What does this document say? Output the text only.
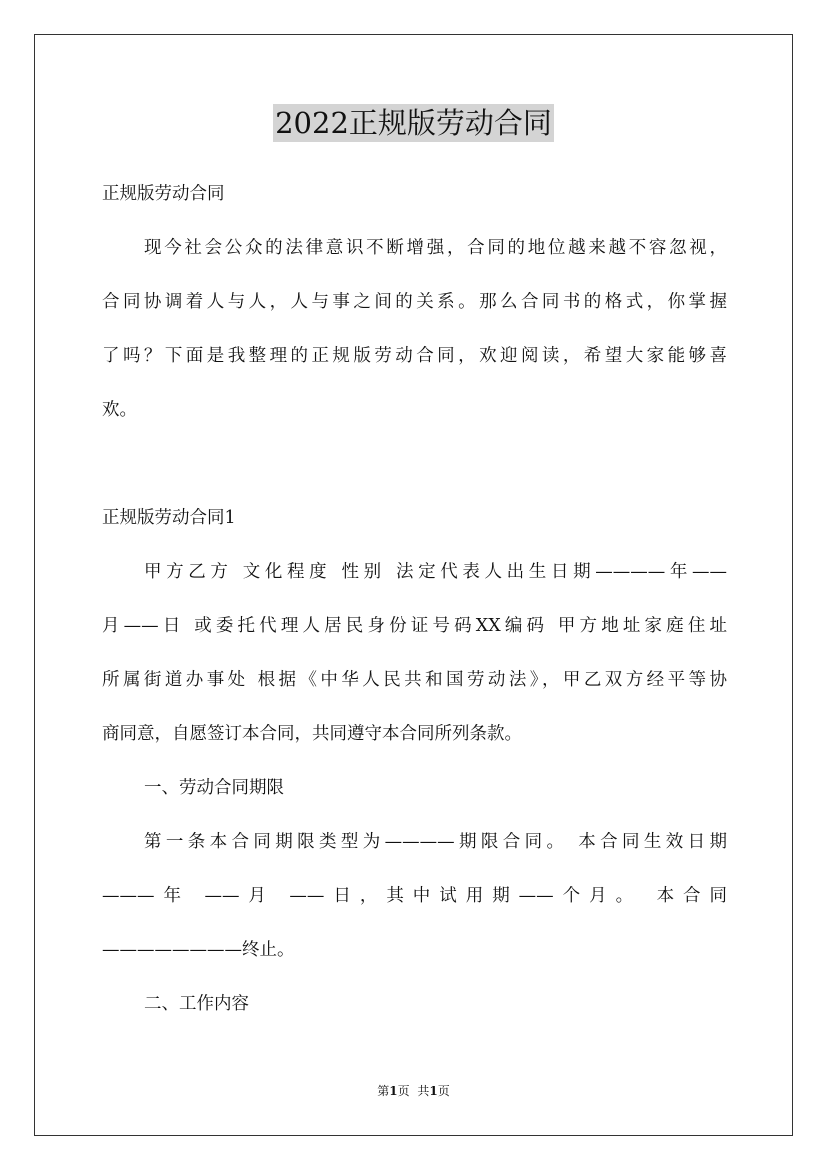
2022正规版劳动合同
正规版劳动合同
现今社会公众的法律意识不断增强，合同的地位越来越不容忽视，
合同协调着人与人，人与事之间的关系。那么合同书的格式，你掌握
了吗？下面是我整理的正规版劳动合同，欢迎阅读，希望大家能够喜
欢。
正规版劳动合同1
甲方乙方 文化程度 性别 法定代表人出生日期————年——
月——日 或委托代理人居民身份证号码XX编码 甲方地址家庭住址
所属街道办事处 根据《中华人民共和国劳动法》，甲乙双方经平等协
商同意，自愿签订本合同，共同遵守本合同所列条款。
一、劳动合同期限
第一条本合同期限类型为————期限合同。 本合同生效日期
———年 ——月 ——日，其中试用期——个月。 本合同
————————终止。
二、工作内容
第1页 共1页
